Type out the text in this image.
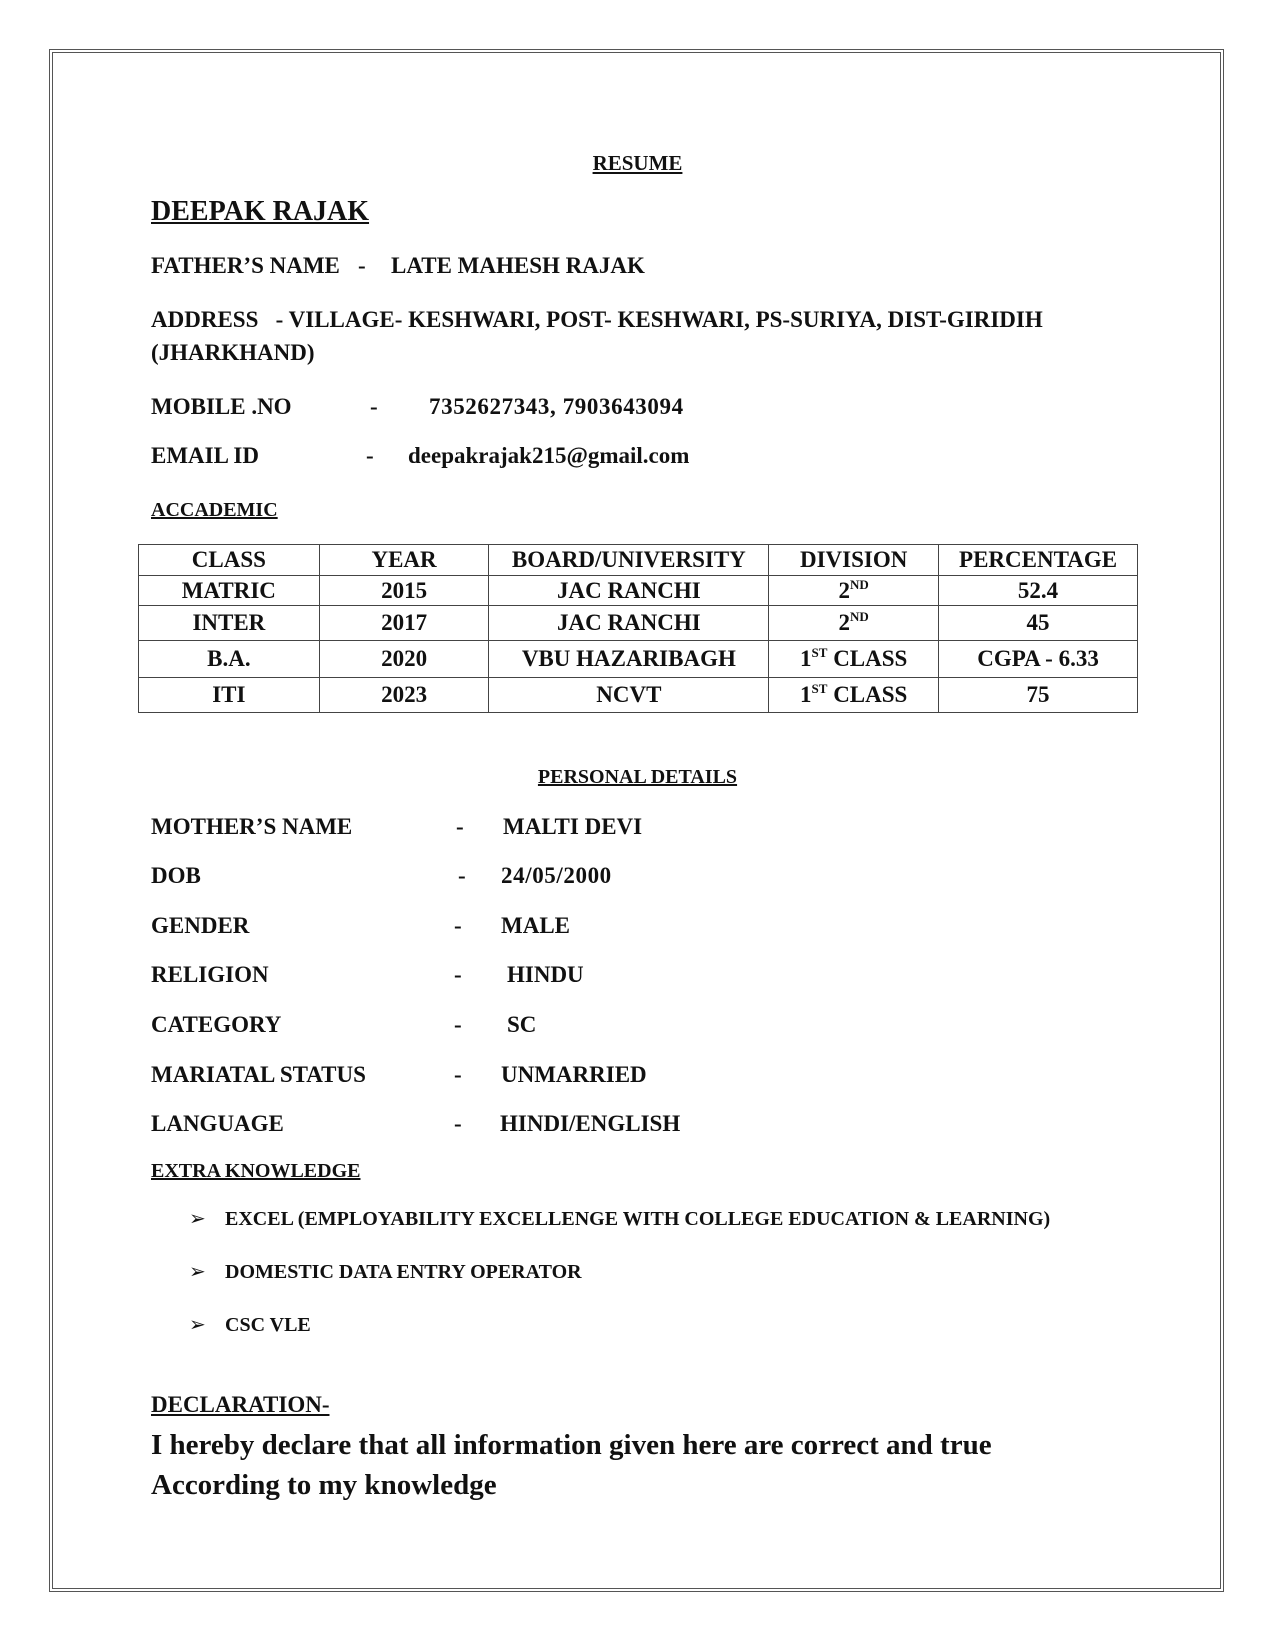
RESUME
DEEPAK RAJAK
FATHER’S NAME - LATE MAHESH RAJAK
ADDRESS - VILLAGE- KESHWARI, POST- KESHWARI, PS-SURIYA, DIST-GIRIDIH (JHARKHAND)
MOBILE .NO	- 7352627343, 7903643094
EMAIL ID	- deepakrajak215@gmail.com
ACCADEMIC
CLASS	YEAR	BOARD/UNIVERSITY	DIVISION	PERCENTAGE
MATRIC	2015	JAC RANCHI	2ND	52.4
INTER	2017	JAC RANCHI	2ND	45
B.A.	2020	VBU HAZARIBAGH	1ST CLASS	CGPA - 6.33
ITI	2023	NCVT	1ST CLASS	75
PERSONAL DETAILS
MOTHER’S NAME	- MALTI DEVI
DOB	- 24/05/2000
GENDER	- MALE
RELIGION	- HINDU
CATEGORY	- SC
MARIATAL STATUS	- UNMARRIED
LANGUAGE	- HINDI/ENGLISH
EXTRA KNOWLEDGE
➢ EXCEL (EMPLOYABILITY EXCELLENGE WITH COLLEGE EDUCATION & LEARNING)
➢ DOMESTIC DATA ENTRY OPERATOR
➢ CSC VLE
DECLARATION-
I hereby declare that all information given here are correct and true
According to my knowledge
